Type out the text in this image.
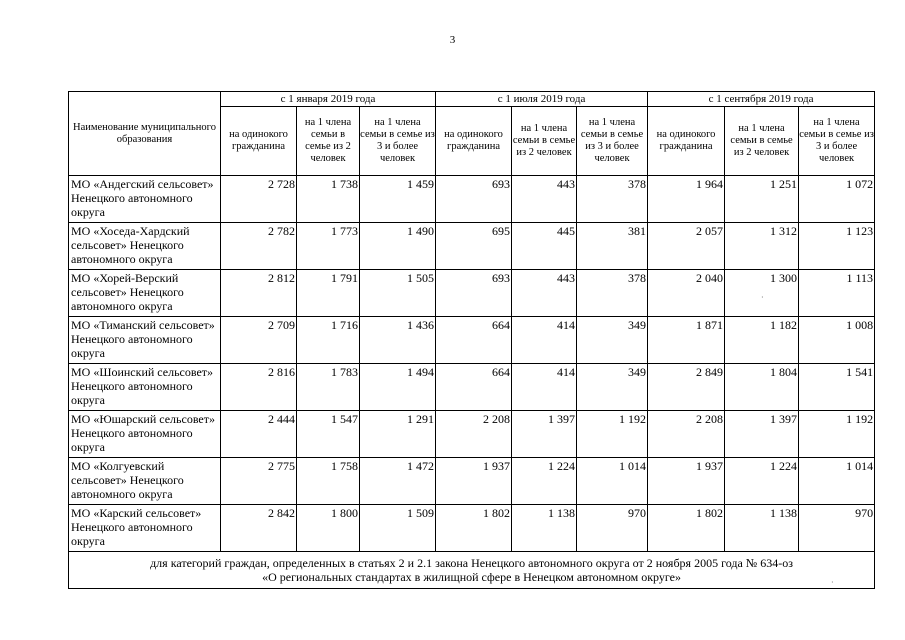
3
Наименование муниципального образования	с 1 января 2019 года			с 1 июля 2019 года			с 1 сентября 2019 года		
	на одинокого гражданина	на 1 члена семьи в семье из 2 человек	на 1 члена семьи в семье из 3 и более человек	на одинокого гражданина	на 1 члена семьи в семье из 2 человек	на 1 члена семьи в семье из 3 и более человек	на одинокого гражданина	на 1 члена семьи в семье из 2 человек	на 1 члена семьи в семье из 3 и более человек
МО «Андегский сельсовет» Ненецкого автономного округа	2 728	1 738	1 459	693	443	378	1 964	1 251	1 072
МО «Хоседа-Хардский сельсовет» Ненецкого автономного округа	2 782	1 773	1 490	695	445	381	2 057	1 312	1 123
МО «Хорей-Верский сельсовет» Ненецкого автономного округа	2 812	1 791	1 505	693	443	378	2 040	1 300	1 113
МО «Тиманский сельсовет» Ненецкого автономного округа	2 709	1 716	1 436	664	414	349	1 871	1 182	1 008
МО «Шоинский сельсовет» Ненецкого автономного округа	2 816	1 783	1 494	664	414	349	2 849	1 804	1 541
МО «Юшарский сельсовет» Ненецкого автономного округа	2 444	1 547	1 291	2 208	1 397	1 192	2 208	1 397	1 192
МО «Колгуевский сельсовет» Ненецкого автономного округа	2 775	1 758	1 472	1 937	1 224	1 014	1 937	1 224	1 014
МО «Карский сельсовет» Ненецкого автономного округа	2 842	1 800	1 509	1 802	1 138	970	1 802	1 138	970

для категорий граждан, определенных в статьях 2 и 2.1 закона Ненецкого автономного округа от 2 ноября 2005 года № 634-оз
«О региональных стандартах в жилищной сфере в Ненецком автономном округе»									
·
·
